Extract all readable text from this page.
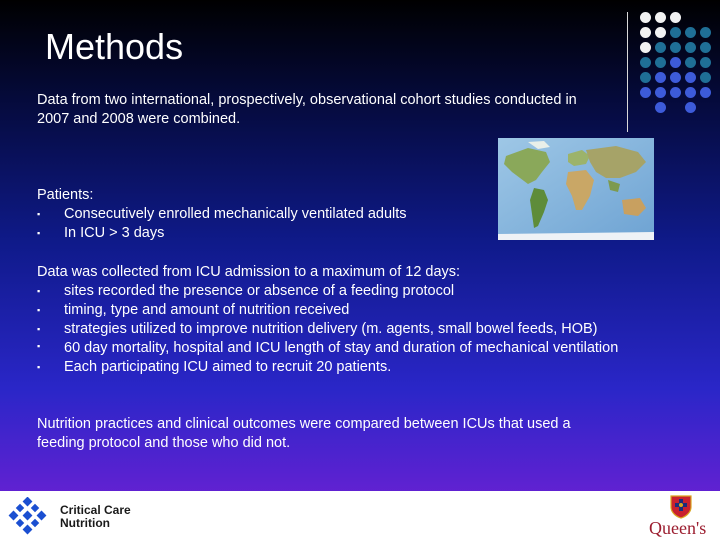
Methods

Data from two international, prospectively, observational cohort studies conducted in 2007 and 2008 were combined.

Patients:

▪ Consecutively enrolled mechanically ventilated adults
▪ In ICU > 3 days

Data was collected from ICU admission to a maximum of 12 days:

▪ sites recorded the presence or absence of a feeding protocol
▪ timing, type and amount of nutrition received
▪ strategies utilized to improve nutrition delivery (m. agents, small bowel feeds, HOB)
▪ 60 day mortality, hospital and ICU length of stay and duration of mechanical ventilation
▪ Each participating ICU aimed to recruit 20 patients.

Nutrition practices and clinical outcomes were compared between ICUs that used a feeding protocol and those who did not.

Critical Care
Nutrition	Queen's
